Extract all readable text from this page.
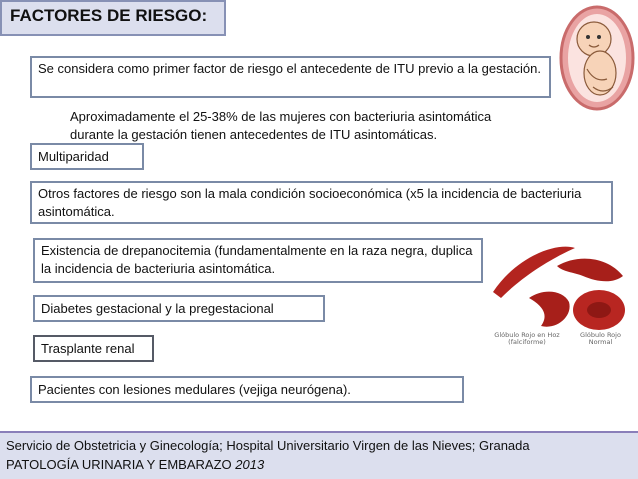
FACTORES DE RIESGO:
Se considera como primer factor de riesgo el antecedente de ITU previo a la gestación.
Aproximadamente el 25-38% de las mujeres con bacteriuria asintomática
durante la gestación tienen antecedentes de ITU asintomáticas.
Multiparidad
Otros factores de riesgo son la mala condición socioeconómica (x5 la incidencia de bacteriuria asintomática.
Existencia de drepanocitemia (fundamentalmente en la raza negra, duplica la incidencia de bacteriuria asintomática.
Glóbulo Rojo en Hoz (falciforme)
Glóbulo Rojo Normal
Diabetes gestacional y la pregestacional
Trasplante renal
Pacientes con lesiones medulares (vejiga neurógena).
Servicio de Obstetricia y Ginecología; Hospital Universitario Virgen de las Nieves; Granada
PATOLOGÍA URINARIA Y EMBARAZO 2013
